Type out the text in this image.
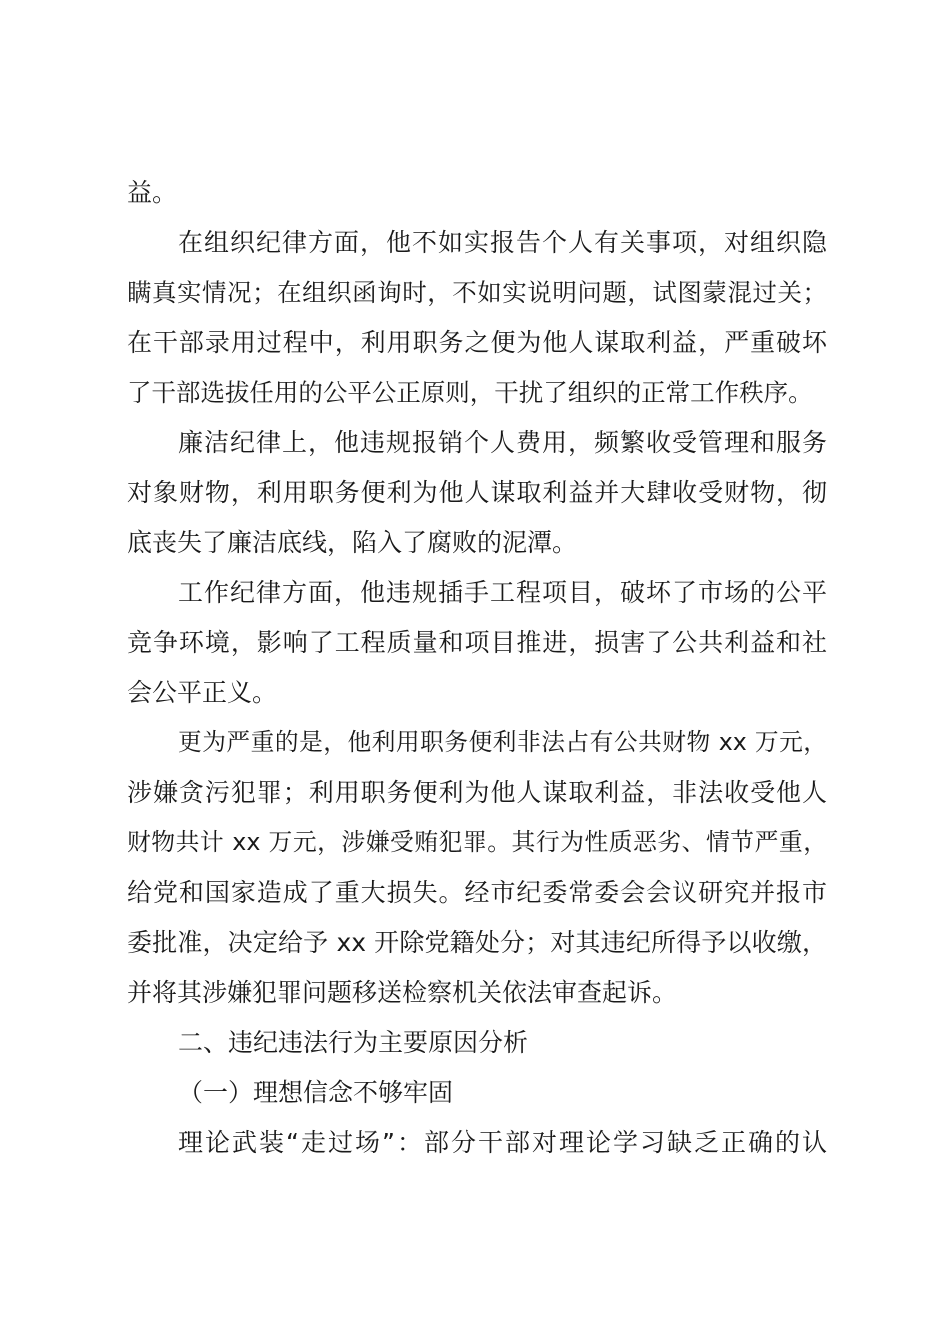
益。
在组织纪律方面，他不如实报告个人有关事项，对组织隐
瞒真实情况；在组织函询时，不如实说明问题，试图蒙混过关；
在干部录用过程中，利用职务之便为他人谋取利益，严重破坏
了干部选拔任用的公平公正原则，干扰了组织的正常工作秩序。
廉洁纪律上，他违规报销个人费用，频繁收受管理和服务
对象财物，利用职务便利为他人谋取利益并大肆收受财物，彻
底丧失了廉洁底线，陷入了腐败的泥潭。
工作纪律方面，他违规插手工程项目，破坏了市场的公平
竞争环境，影响了工程质量和项目推进，损害了公共利益和社
会公平正义。
更为严重的是，他利用职务便利非法占有公共财物 xx 万元，
涉嫌贪污犯罪；利用职务便利为他人谋取利益，非法收受他人
财物共计 xx 万元，涉嫌受贿犯罪。其行为性质恶劣、情节严重，
给党和国家造成了重大损失。经市纪委常委会会议研究并报市
委批准，决定给予 xx 开除党籍处分；对其违纪所得予以收缴，
并将其涉嫌犯罪问题移送检察机关依法审查起诉。
二、违纪违法行为主要原因分析
（一）理想信念不够牢固
理论武装“走过场”：部分干部对理论学习缺乏正确的认
